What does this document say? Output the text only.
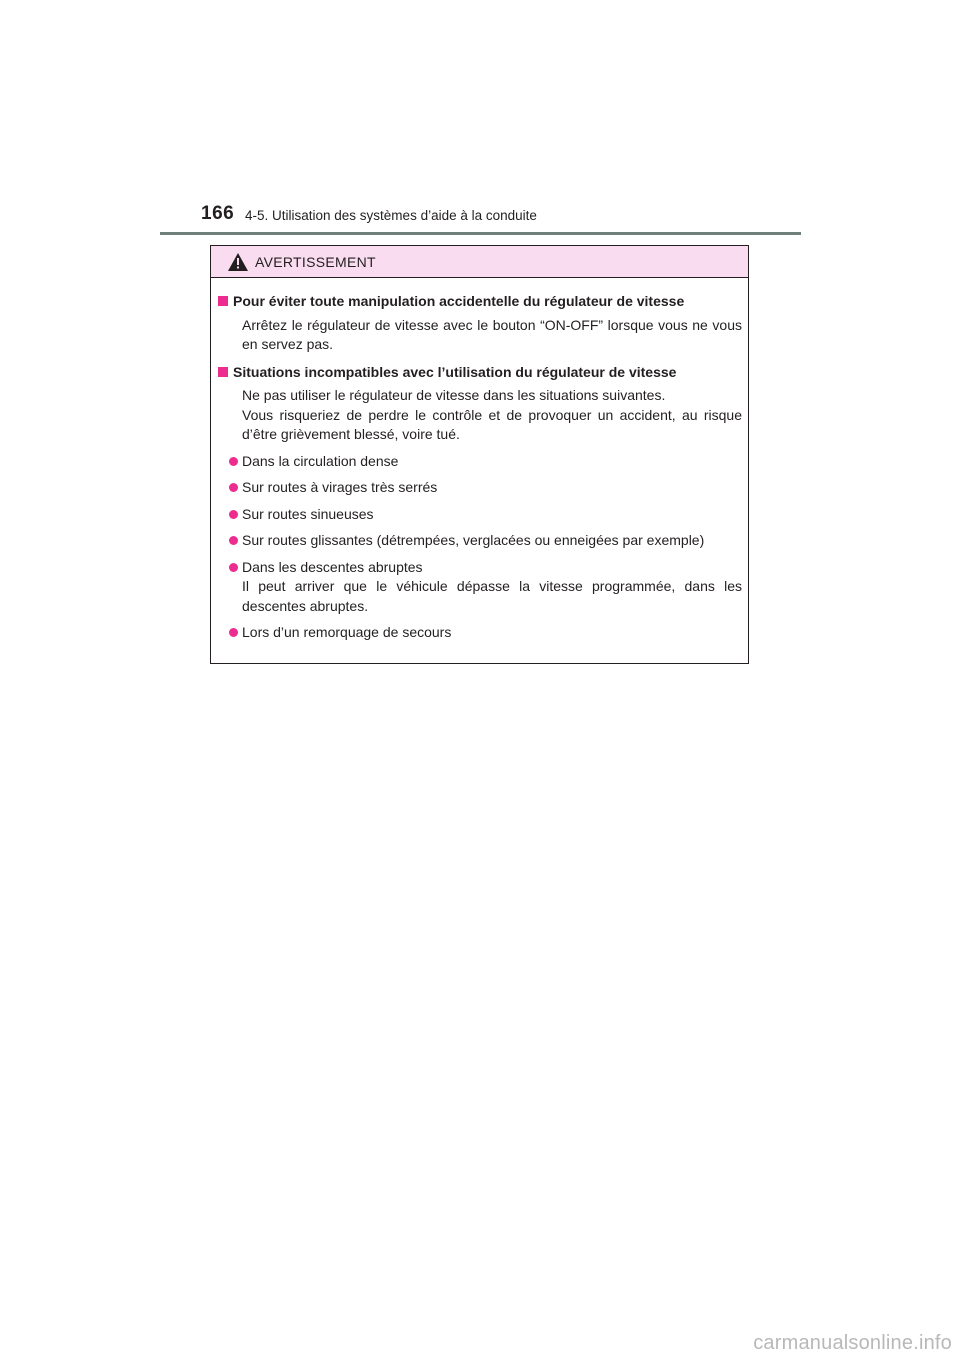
166 4-5. Utilisation des systèmes d’aide à la conduite
AVERTISSEMENT
Pour éviter toute manipulation accidentelle du régulateur de vitesse
Arrêtez le régulateur de vitesse avec le bouton “ON-OFF” lorsque vous ne vous en servez pas.
Situations incompatibles avec l’utilisation du régulateur de vitesse
Ne pas utiliser le régulateur de vitesse dans les situations suivantes.
Vous risqueriez de perdre le contrôle et de provoquer un accident, au risque d’être grièvement blessé, voire tué.
Dans la circulation dense
Sur routes à virages très serrés
Sur routes sinueuses
Sur routes glissantes (détrempées, verglacées ou enneigées par exemple)
Dans les descentes abruptes
Il peut arriver que le véhicule dépasse la vitesse programmée, dans les descentes abruptes.
Lors d’un remorquage de secours
carmanualsonline.info
